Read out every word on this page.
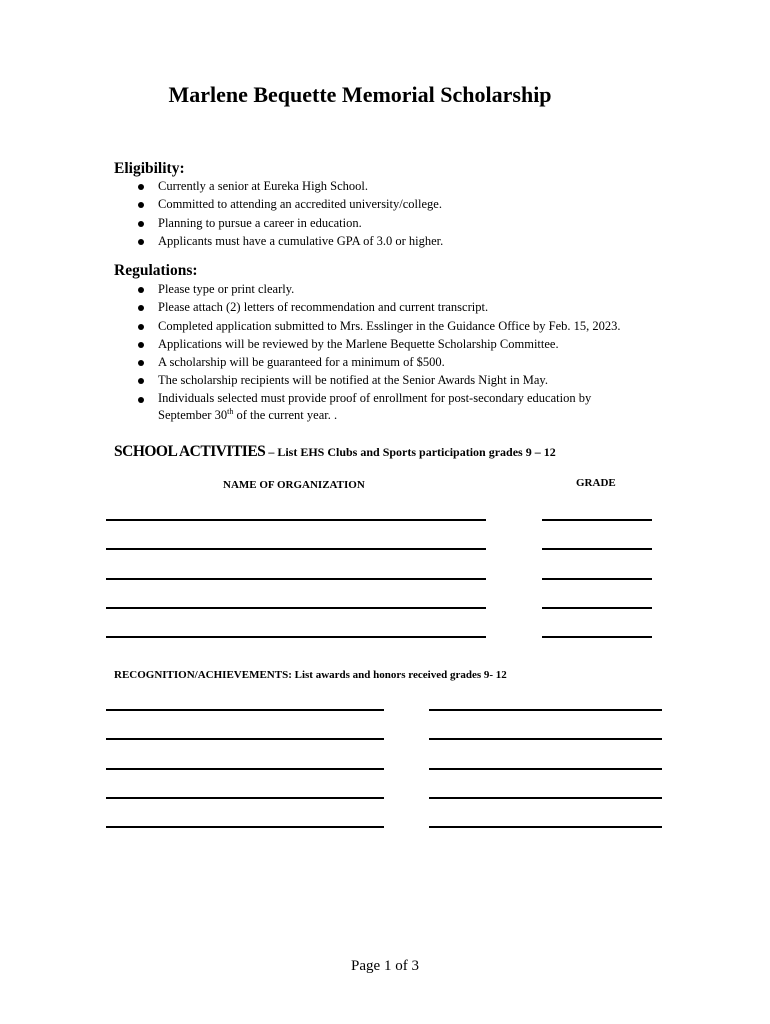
Marlene Bequette Memorial Scholarship
Eligibility:
Currently a senior at Eureka High School.
Committed to attending an accredited university/college.
Planning to pursue a career in education.
Applicants must have a cumulative GPA of 3.0 or higher.
Regulations:
Please type or print clearly.
Please attach (2) letters of recommendation and current transcript.
Completed application submitted to Mrs. Esslinger in the Guidance Office by Feb. 15, 2023.
Applications will be reviewed by the Marlene Bequette Scholarship Committee.
A scholarship will be guaranteed for a minimum of $500.
The scholarship recipients will be notified at the Senior Awards Night in May.
Individuals selected must provide proof of enrollment for post-secondary education by
September 30th of the current year. .
SCHOOL ACTIVITIES – List EHS Clubs and Sports participation grades 9 – 12
NAME OF ORGANIZATION	GRADE
RECOGNITION/ACHIEVEMENTS: List awards and honors received grades 9- 12
Page 1 of 3
